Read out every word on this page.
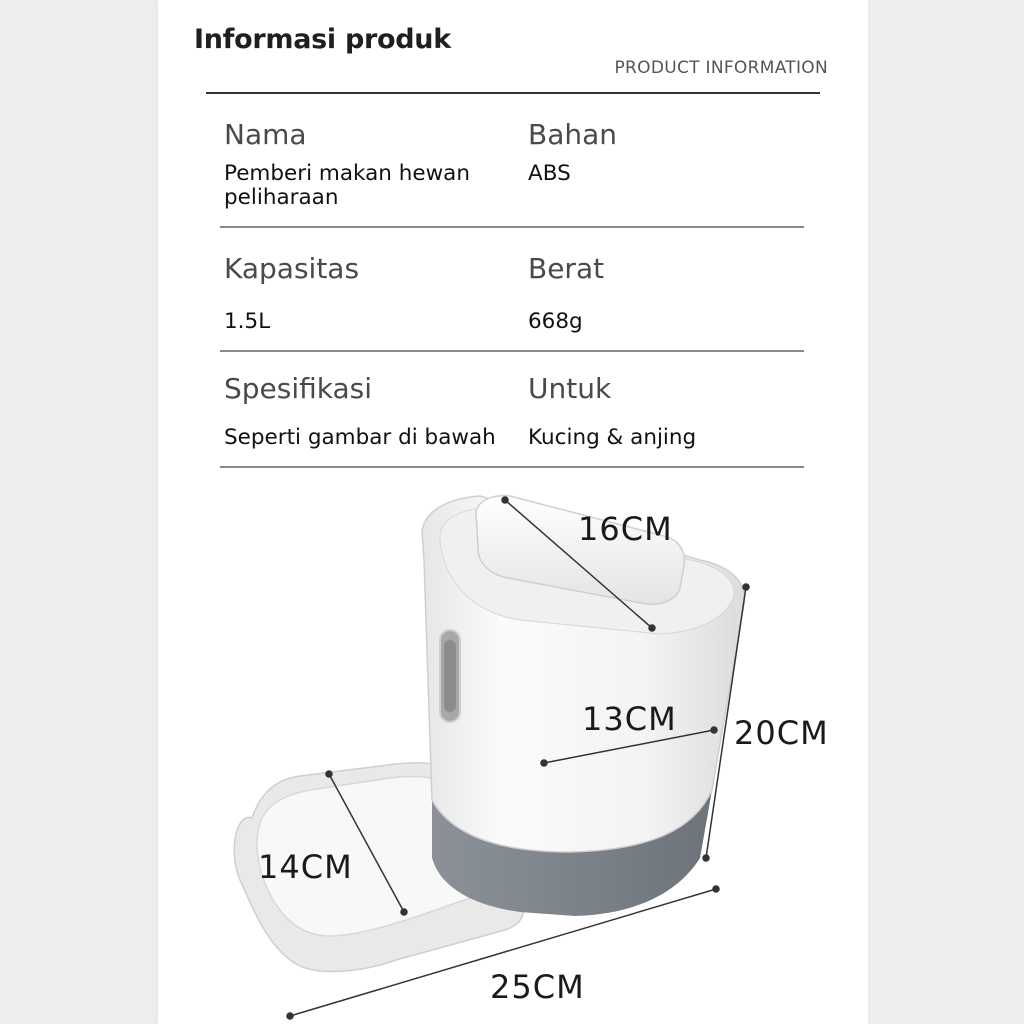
Informasi produk
PRODUCT INFORMATION
Nama
Pemberi makan hewan peliharaan
Bahan
ABS
Kapasitas
1.5L
Berat
668g
Spesifikasi
Seperti gambar di bawah
Untuk
Kucing & anjing
16CM
13CM 20CM
14CM
25CM
